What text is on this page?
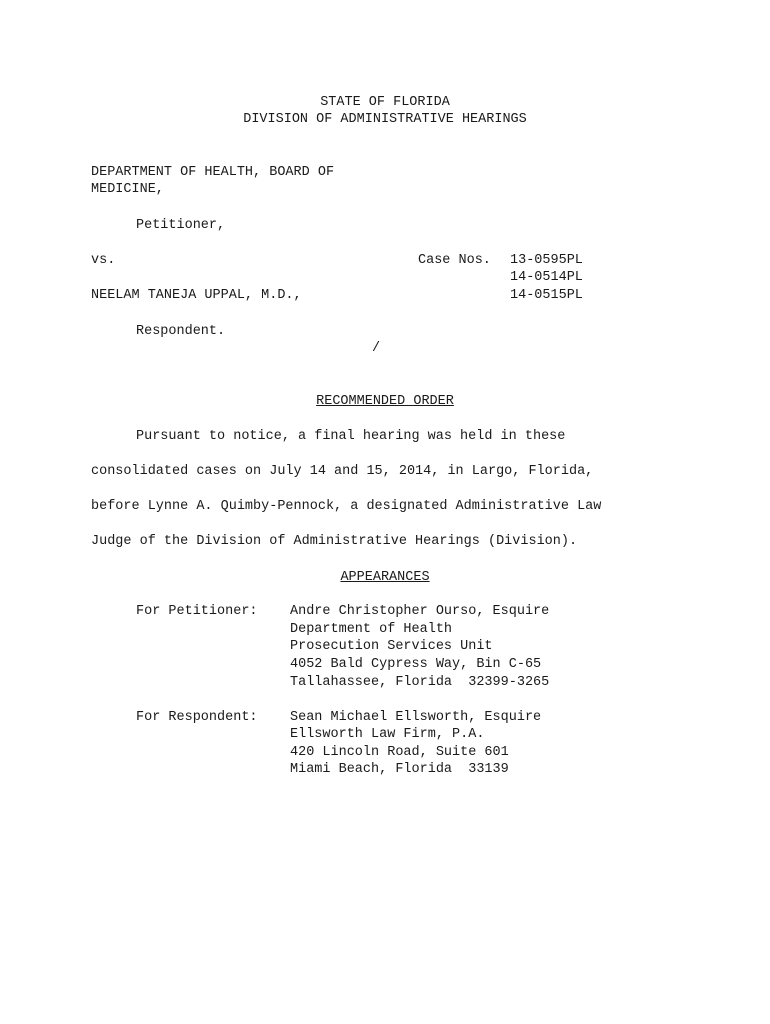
STATE OF FLORIDA
DIVISION OF ADMINISTRATIVE HEARINGS
DEPARTMENT OF HEALTH, BOARD OF
MEDICINE,
Petitioner,
vs.	Case Nos. 13-0595PL
14-0514PL
14-0515PL
NEELAM TANEJA UPPAL, M.D.,
Respondent.
/
RECOMMENDED ORDER
Pursuant to notice, a final hearing was held in these
consolidated cases on July 14 and 15, 2014, in Largo, Florida,
before Lynne A. Quimby-Pennock, a designated Administrative Law
Judge of the Division of Administrative Hearings (Division).
APPEARANCES
For Petitioner: Andre Christopher Ourso, Esquire
Department of Health
Prosecution Services Unit
4052 Bald Cypress Way, Bin C-65
Tallahassee, Florida  32399-3265
For Respondent: Sean Michael Ellsworth, Esquire
Ellsworth Law Firm, P.A.
420 Lincoln Road, Suite 601
Miami Beach, Florida  33139
